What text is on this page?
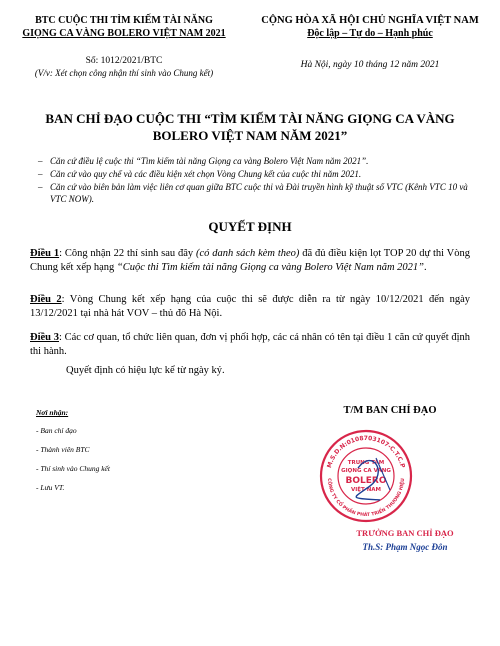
BTC CUỘC THI TÌM KIẾM TÀI NĂNG
GIỌNG CA VÀNG BOLERO VIỆT NAM 2021
CỘNG HÒA XÃ HỘI CHỦ NGHĨA VIỆT NAM
Độc lập – Tự do – Hạnh phúc
Số: 1012/2021/BTC
(V/v: Xét chọn công nhận thí sinh vào Chung kết)
Hà Nội, ngày 10 tháng 12 năm 2021
BAN CHỈ ĐẠO CUỘC THI “TÌM KIẾM TÀI NĂNG GIỌNG CA VÀNG
BOLERO VIỆT NAM NĂM 2021”
– Căn cứ điều lệ cuộc thi “Tìm kiếm tài năng Giọng ca vàng Bolero Việt Nam năm 2021”.
– Căn cứ vào quy chế và các điều kiện xét chọn Vòng Chung kết của cuộc thi năm 2021.
– Căn cứ vào biên bản làm việc liên cơ quan giữa BTC cuộc thi và Đài truyền hình kỹ thuật số VTC (Kênh VTC 10 và VTC NOW).
QUYẾT ĐỊNH
Điều 1: Công nhận 22 thí sinh sau đây (có danh sách kèm theo) đã đủ điều kiện lọt TOP 20 dự thi Vòng Chung kết xếp hạng “Cuộc thi Tìm kiếm tài năng Giọng ca vàng Bolero Việt Nam năm 2021”.
Điều 2: Vòng Chung kết xếp hạng của cuộc thi sẽ được diễn ra từ ngày 10/12/2021 đến ngày 13/12/2021 tại nhà hát VOV – thủ đô Hà Nội.
Điều 3: Các cơ quan, tổ chức liên quan, đơn vị phối hợp, các cá nhân có tên tại điều 1 căn cứ quyết định thi hành.
Quyết định có hiệu lực kể từ ngày ký.
Nơi nhận:
- Ban chỉ đạo
- Thành viên BTC
- Thí sinh vào Chung kết
- Lưu VT.
T/M BAN CHỈ ĐẠO
M.S.D.N:0108703107-C.T.C.P
CÔNG TY CỔ PHẦN PHÁT TRIỂN THƯƠNG HIỆU
TRUNG TÂM
GIỌNG CA VÀNG
BOLERO
VIỆT NAM
TRƯỞNG BAN CHỈ ĐẠO
Th.S: Phạm Ngọc Đôn
